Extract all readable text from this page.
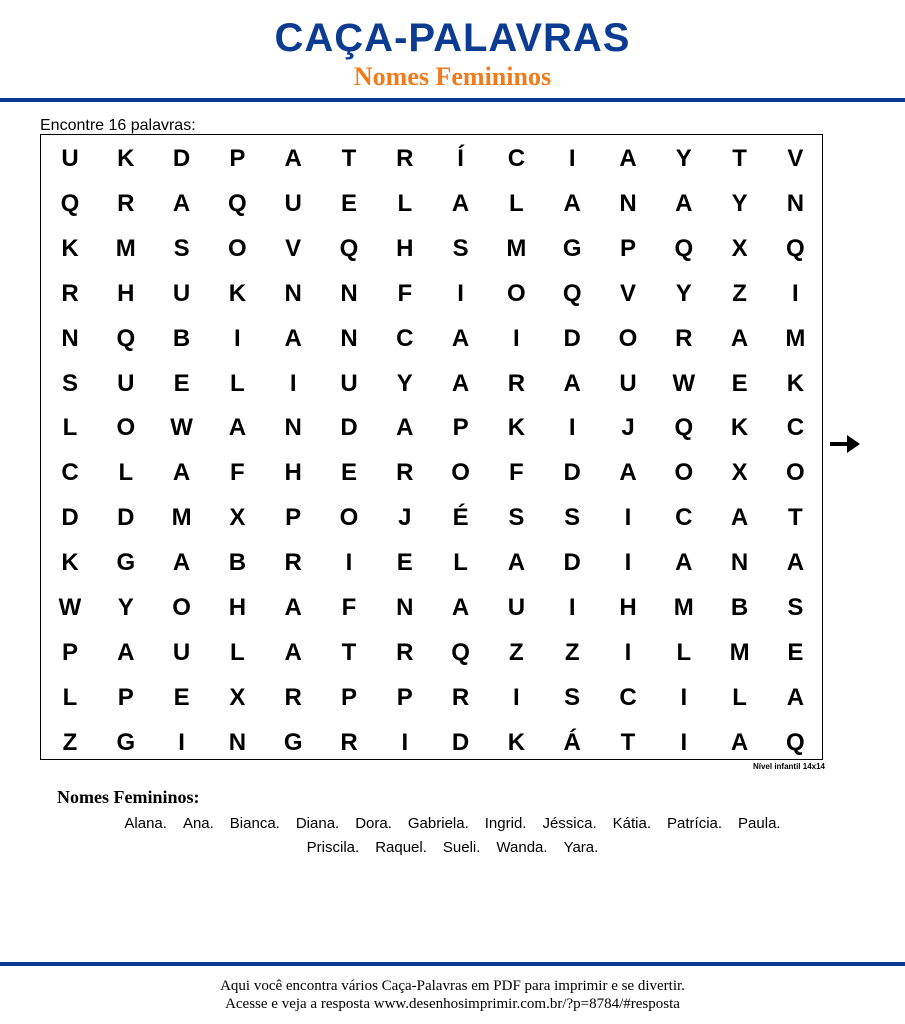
CAÇA-PALAVRAS
Nomes Femininos
Encontre 16 palavras:
U	K	D	P	A	T	R	Í	C	I	A	Y	T	V
Q	R	A	Q	U	E	L	A	L	A	N	A	Y	N
K	M	S	O	V	Q	H	S	M	G	P	Q	X	Q
R	H	U	K	N	N	F	I	O	Q	V	Y	Z	I
N	Q	B	I	A	N	C	A	I	D	O	R	A	M
S	U	E	L	I	U	Y	A	R	A	U	W	E	K
L	O	W	A	N	D	A	P	K	I	J	Q	K	C
C	L	A	F	H	E	R	O	F	D	A	O	X	O
D	D	M	X	P	O	J	É	S	S	I	C	A	T
K	G	A	B	R	I	E	L	A	D	I	A	N	A
W	Y	O	H	A	F	N	A	U	I	H	M	B	S
P	A	U	L	A	T	R	Q	Z	Z	I	L	M	E
L	P	E	X	R	P	P	R	I	S	C	I	L	A
Z	G	I	N	G	R	I	D	K	Á	T	I	A	Q
Nível infantil 14x14
Nomes Femininos:
Alana. Ana. Bianca. Diana. Dora. Gabriela. Ingrid. Jéssica. Kátia. Patrícia. Paula.
Priscila. Raquel. Sueli. Wanda. Yara.
Aqui você encontra vários Caça-Palavras em PDF para imprimir e se divertir.
Acesse e veja a resposta www.desenhosimprimir.com.br/?p=8784/#resposta
